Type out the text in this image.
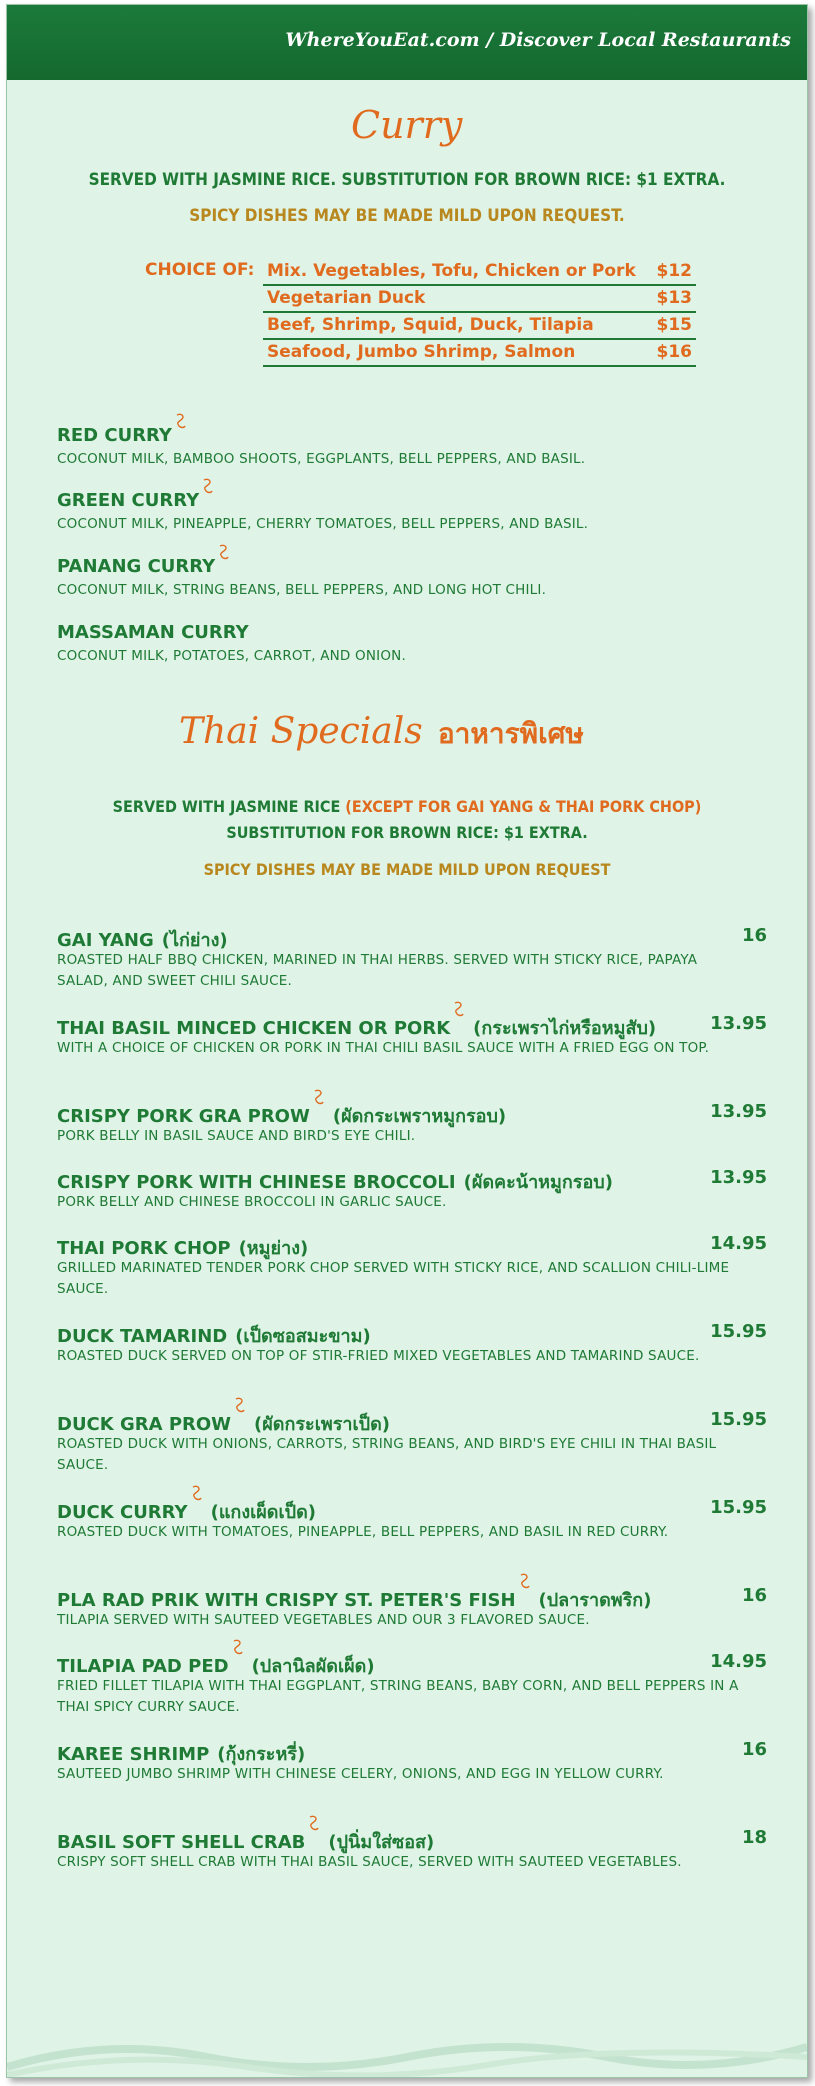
WhereYouEat.com / Discover Local Restaurants
Curry
SERVED WITH JASMINE RICE. SUBSTITUTION FOR BROWN RICE: $1 EXTRA.
SPICY DISHES MAY BE MADE MILD UPON REQUEST.
CHOICE OF: Mix. Vegetables, Tofu, Chicken or Pork $12
Vegetarian Duck	$13
Beef, Shrimp, Squid, Duck, Tilapia	$15
Seafood, Jumbo Shrimp, Salmon	$16
RED CURRY
COCONUT MILK, BAMBOO SHOOTS, EGGPLANTS, BELL PEPPERS, AND BASIL.
GREEN CURRY
COCONUT MILK, PINEAPPLE, CHERRY TOMATOES, BELL PEPPERS, AND BASIL.
PANANG CURRY
COCONUT MILK, STRING BEANS, BELL PEPPERS, AND LONG HOT CHILI.
MASSAMAN CURRY
COCONUT MILK, POTATOES, CARROT, AND ONION.
Thai Specials อาหารพิเศษ
SERVED WITH JASMINE RICE (EXCEPT FOR GAI YANG & THAI PORK CHOP)
SUBSTITUTION FOR BROWN RICE: $1 EXTRA.
SPICY DISHES MAY BE MADE MILD UPON REQUEST
GAI YANG (ไก่ย่าง)	16
ROASTED HALF BBQ CHICKEN, MARINED IN THAI HERBS. SERVED WITH STICKY RICE, PAPAYA SALAD, AND SWEET CHILI SAUCE.
THAI BASIL MINCED CHICKEN OR PORK (กระเพราไก่หรือหมูสับ)	13.95
WITH A CHOICE OF CHICKEN OR PORK IN THAI CHILI BASIL SAUCE WITH A FRIED EGG ON TOP.
CRISPY PORK GRA PROW (ผัดกระเพราหมูกรอบ)	13.95
PORK BELLY IN BASIL SAUCE AND BIRD'S EYE CHILI.
CRISPY PORK WITH CHINESE BROCCOLI (ผัดคะน้าหมูกรอบ)	13.95
PORK BELLY AND CHINESE BROCCOLI IN GARLIC SAUCE.
THAI PORK CHOP (หมูย่าง)	14.95
GRILLED MARINATED TENDER PORK CHOP SERVED WITH STICKY RICE, AND SCALLION CHILI-LIME SAUCE.
DUCK TAMARIND (เป็ดซอสมะขาม)	15.95
ROASTED DUCK SERVED ON TOP OF STIR-FRIED MIXED VEGETABLES AND TAMARIND SAUCE.
DUCK GRA PROW (ผัดกระเพราเป็ด)	15.95
ROASTED DUCK WITH ONIONS, CARROTS, STRING BEANS, AND BIRD'S EYE CHILI IN THAI BASIL SAUCE.
DUCK CURRY (แกงเผ็ดเป็ด)	15.95
ROASTED DUCK WITH TOMATOES, PINEAPPLE, BELL PEPPERS, AND BASIL IN RED CURRY.
PLA RAD PRIK WITH CRISPY ST. PETER'S FISH (ปลาราดพริก)	16
TILAPIA SERVED WITH SAUTEED VEGETABLES AND OUR 3 FLAVORED SAUCE.
TILAPIA PAD PED (ปลานิลผัดเผ็ด)	14.95
FRIED FILLET TILAPIA WITH THAI EGGPLANT, STRING BEANS, BABY CORN, AND BELL PEPPERS IN A THAI SPICY CURRY SAUCE.
KAREE SHRIMP (กุ้งกระหรี่)	16
SAUTEED JUMBO SHRIMP WITH CHINESE CELERY, ONIONS, AND EGG IN YELLOW CURRY.
BASIL SOFT SHELL CRAB (ปูนิ่มใส่ซอส)	18
CRISPY SOFT SHELL CRAB WITH THAI BASIL SAUCE, SERVED WITH SAUTEED VEGETABLES.
